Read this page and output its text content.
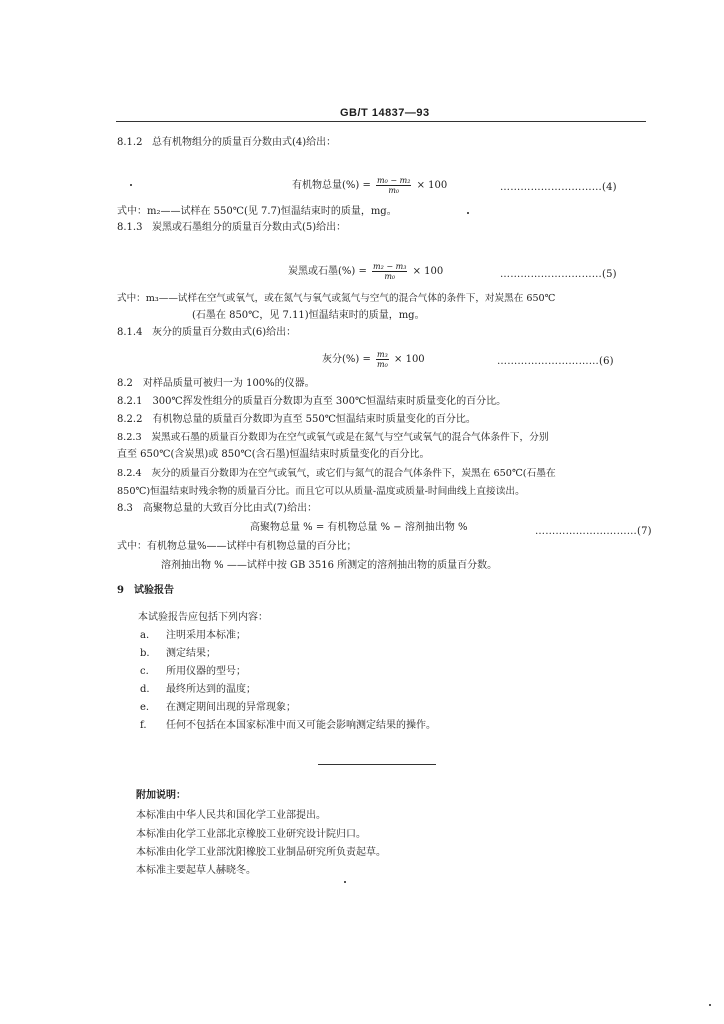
GB/T 14837—93
8.1.2 总有机物组分的质量百分数由式(4)给出：
有机物总量(%) = $\frac{\text{m₀ − m₂}}{\text{m₀}} \times 100$	…………………………(4)
式中：m₂——试样在 550℃(见 7.7)恒温结束时的质量，mg。
8.1.3 炭黑或石墨组分的质量百分数由式(5)给出：
炭黑或石墨(%) = $\frac{\text{m₂ − m₃}}{\text{m₀}} \times 100$	…………………………(5)
式中：m₃——试样在空气或氧气，或在氮气与氧气或氮气与空气的混合气体的条件下，对炭黑在 650℃
(石墨在 850℃，见 7.11)恒温结束时的质量，mg。
8.1.4 灰分的质量百分数由式(6)给出：
灰分(%) = $\frac{\text{m₃}}{\text{m₀}} \times 100$	…………………………(6)
8.2　对样品质量可被归一为 100%的仪器。
8.2.1　300℃挥发性组分的质量百分数即为直至 300℃恒温结束时质量变化的百分比。
8.2.2　有机物总量的质量百分数即为直至 550℃恒温结束时质量变化的百分比。
8.2.3　炭黑或石墨的质量百分数即为在空气或氧气或是在氮气与空气或氧气的混合气体条件下，分别
直至 650℃(含炭黑)或 850℃(含石墨)恒温结束时质量变化的百分比。
8.2.4　灰分的质量百分数即为在空气或氧气，或它们与氮气的混合气体条件下，炭黑在 650℃(石墨在
850℃)恒温结束时残余物的质量百分比。而且它可以从质量-温度或质量-时间曲线上直接读出。
8.3　高聚物总量的大致百分比由式(7)给出：
高聚物总量 % = 有机物总量 % − 溶剂抽出物 %	…………………………(7)
式中：有机物总量%——试样中有机物总量的百分比；
溶剂抽出物 % ——试样中按 GB 3516 所测定的溶剂抽出物的质量百分数。
9　试验报告
本试验报告应包括下列内容：
a. 注明采用本标准；
b. 测定结果；
c. 所用仪器的型号；
d. 最终所达到的温度；
e. 在测定期间出现的异常现象；
f. 任何不包括在本国家标准中而又可能会影响测定结果的操作。
附加说明：
本标准由中华人民共和国化学工业部提出。
本标准由化学工业部北京橡胶工业研究设计院归口。
本标准由化学工业部沈阳橡胶工业制品研究所负责起草。
本标准主要起草人赫晓冬。
